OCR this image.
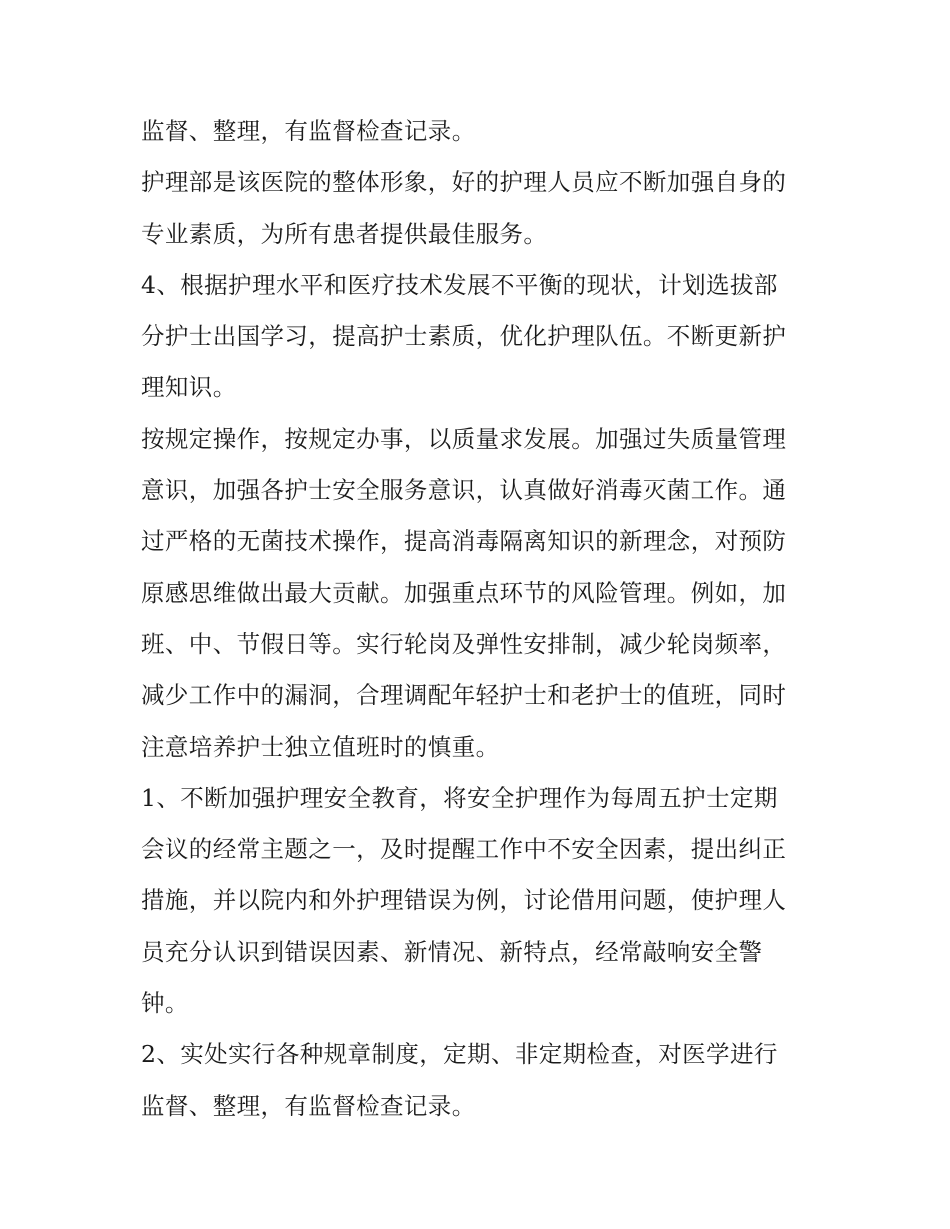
监督、整理，有监督检查记录。
护理部是该医院的整体形象，好的护理人员应不断加强自身的
专业素质，为所有患者提供最佳服务。
4、根据护理水平和医疗技术发展不平衡的现状，计划选拔部
分护士出国学习，提高护士素质，优化护理队伍。不断更新护
理知识。
按规定操作，按规定办事，以质量求发展。加强过失质量管理
意识，加强各护士安全服务意识，认真做好消毒灭菌工作。通
过严格的无菌技术操作，提高消毒隔离知识的新理念，对预防
原感思维做出最大贡献。加强重点环节的风险管理。例如，加
班、中、节假日等。实行轮岗及弹性安排制，减少轮岗频率，
减少工作中的漏洞，合理调配年轻护士和老护士的值班，同时
注意培养护士独立值班时的慎重。
1、不断加强护理安全教育，将安全护理作为每周五护士定期
会议的经常主题之一，及时提醒工作中不安全因素，提出纠正
措施，并以院内和外护理错误为例，讨论借用问题，使护理人
员充分认识到错误因素、新情况、新特点，经常敲响安全警
钟。
2、实处实行各种规章制度，定期、非定期检查，对医学进行
监督、整理，有监督检查记录。
